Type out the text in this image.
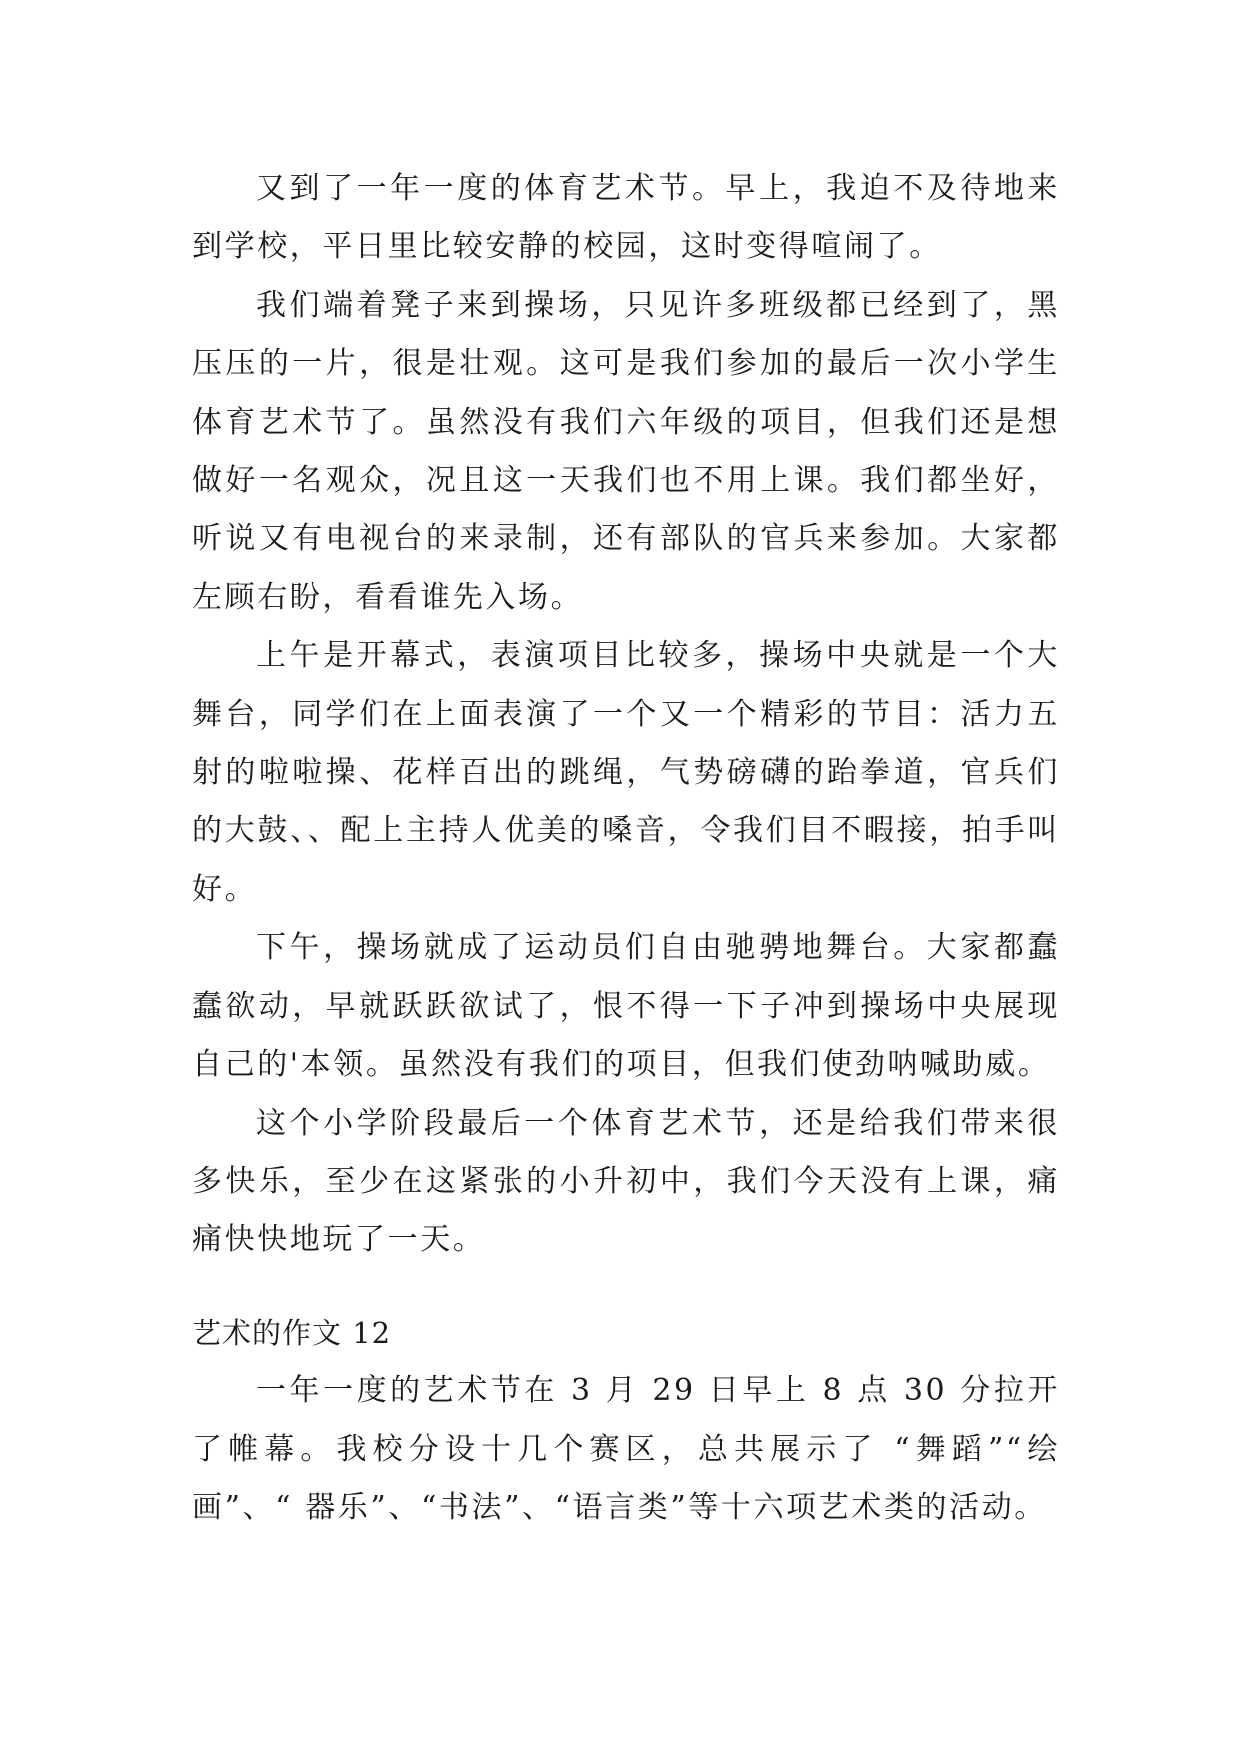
又到了一年一度的体育艺术节。早上，我迫不及待地来到学校，平日里比较安静的校园，这时变得喧闹了。

我们端着凳子来到操场，只见许多班级都已经到了，黑压压的一片，很是壮观。这可是我们参加的最后一次小学生体育艺术节了。虽然没有我们六年级的项目，但我们还是想做好一名观众，况且这一天我们也不用上课。我们都坐好，听说又有电视台的来录制，还有部队的官兵来参加。大家都左顾右盼，看看谁先入场。

上午是开幕式，表演项目比较多，操场中央就是一个大舞台，同学们在上面表演了一个又一个精彩的节目：活力五射的啦啦操、花样百出的跳绳，气势磅礴的跆拳道，官兵们的大鼓、、配上主持人优美的嗓音，令我们目不暇接，拍手叫好。

下午，操场就成了运动员们自由驰骋地舞台。大家都蠢蠢欲动，早就跃跃欲试了，恨不得一下子冲到操场中央展现自己的'本领。虽然没有我们的项目，但我们使劲呐喊助威。

这个小学阶段最后一个体育艺术节，还是给我们带来很多快乐，至少在这紧张的小升初中，我们今天没有上课，痛痛快快地玩了一天。

艺术的作文 12

一年一度的艺术节在 3 月 29 日早上 8 点 30 分拉开了帷幕。我校分设十几个赛区，总共展示了 “舞蹈”“绘画”、“ 器乐”、“书法”、“语言类”等十六项艺术类的活动。
